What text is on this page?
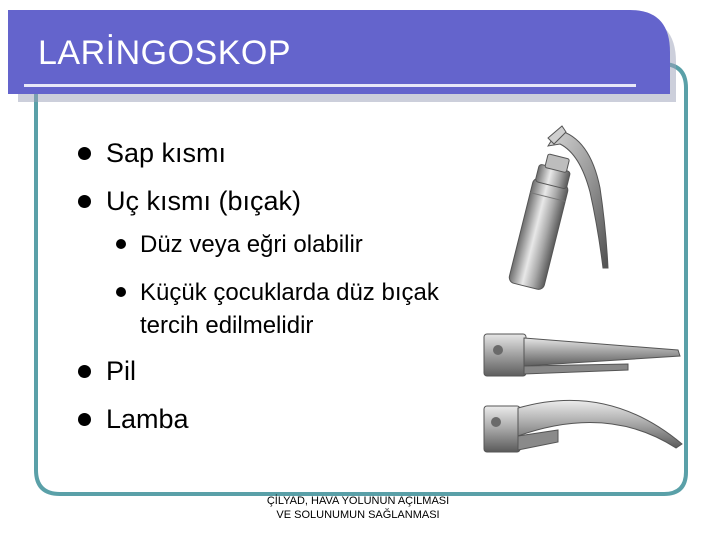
LARİNGOSKOP
Sap kısmı
Uç kısmı (bıçak)
Düz veya eğri olabilir
Küçük çocuklarda düz bıçak tercih edilmelidir
Pil
Lamba
ÇİLYAD, HAVA YOLUNUN AÇILMASI
VE SOLUNUMUN SAĞLANMASI
